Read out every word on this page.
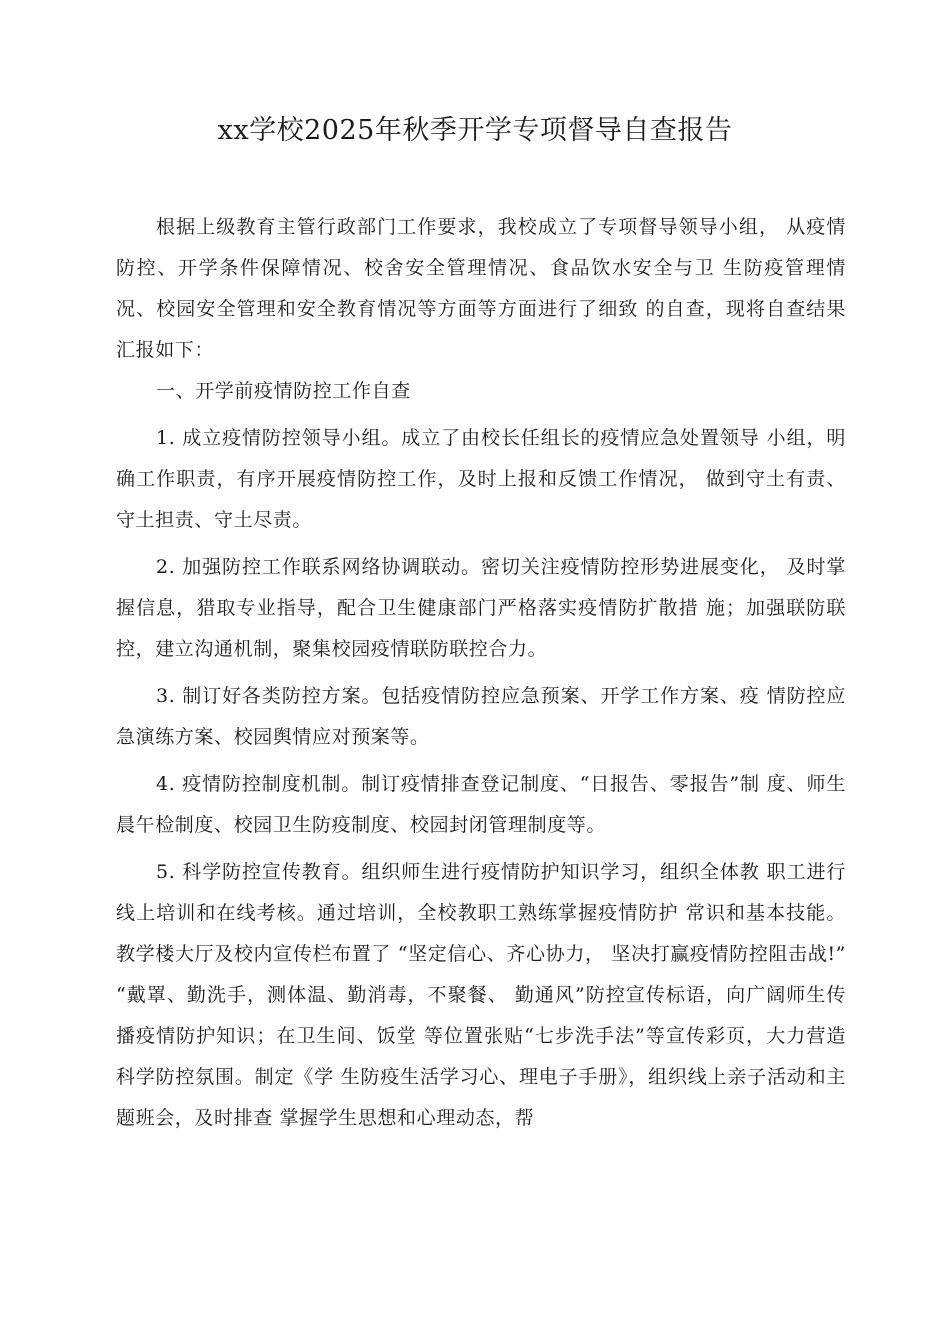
xx学校2025年秋季开学专项督导自查报告

根据上级教育主管行政部门工作要求，我校成立了专项督导领导小组， 从疫情防控、开学条件保障情况、校舍安全管理情况、食品饮水安全与卫 生防疫管理情况、校园安全管理和安全教育情况等方面等方面进行了细致 的自查，现将自查结果汇报如下：

一、开学前疫情防控工作自查

1. 成立疫情防控领导小组。成立了由校长任组长的疫情应急处置领导 小组，明确工作职责，有序开展疫情防控工作，及时上报和反馈工作情况， 做到守土有责、守土担责、守土尽责。

2. 加强防控工作联系网络协调联动。密切关注疫情防控形势进展变化， 及时掌握信息，猎取专业指导，配合卫生健康部门严格落实疫情防扩散措 施；加强联防联控，建立沟通机制，聚集校园疫情联防联控合力。

3. 制订好各类防控方案。包括疫情防控应急预案、开学工作方案、疫 情防控应急演练方案、校园舆情应对预案等。

4. 疫情防控制度机制。制订疫情排查登记制度、“日报告、零报告”制 度、师生晨午检制度、校园卫生防疫制度、校园封闭管理制度等。

5. 科学防控宣传教育。组织师生进行疫情防护知识学习，组织全体教 职工进行线上培训和在线考核。通过培训，全校教职工熟练掌握疫情防护 常识和基本技能。教学楼大厅及校内宣传栏布置了 “坚定信心、齐心协力， 坚决打赢疫情防控阻击战!” “戴罩、勤洗手，测体温、勤消毒，不聚餐、 勤通风”防控宣传标语，向广阔师生传播疫情防护知识；在卫生间、饭堂 等位置张贴“七步洗手法”等宣传彩页，大力营造科学防控氛围。制定《学 生防疫生活学习心、理电子手册》，组织线上亲子活动和主题班会，及时排查 掌握学生思想和心理动态，帮
